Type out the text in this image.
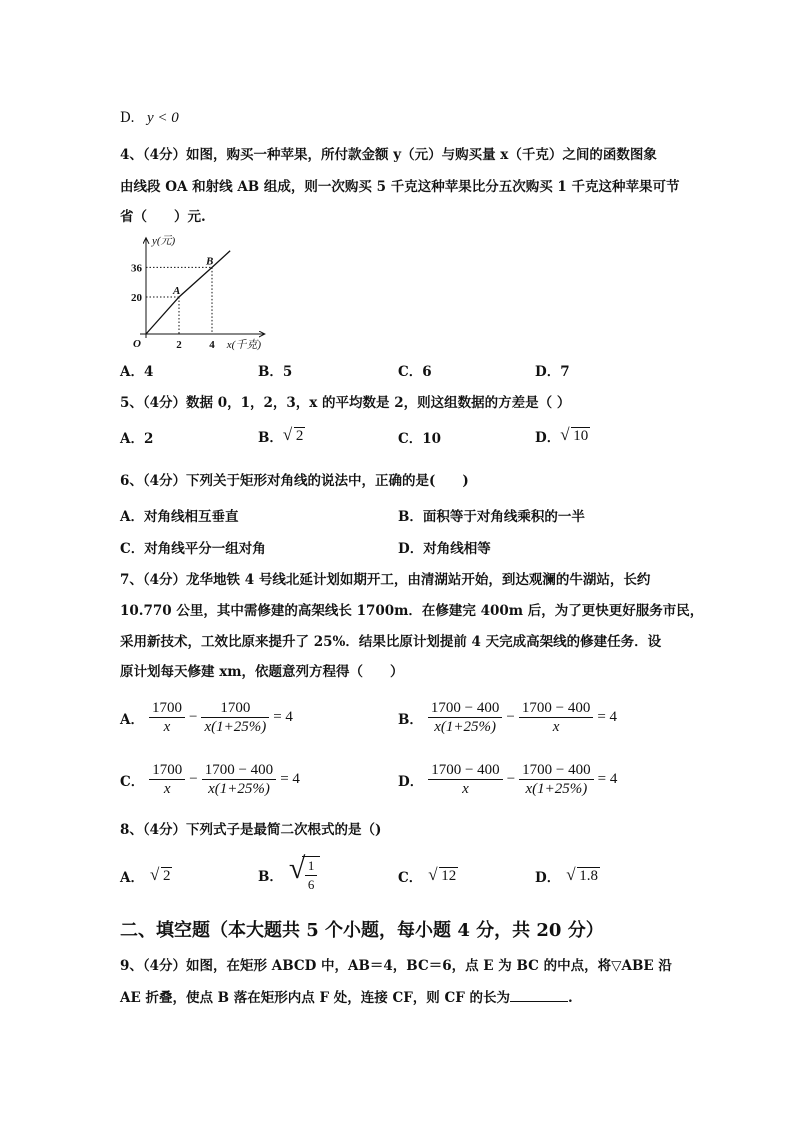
D. y < 0
4、（4分）如图，购买一种苹果，所付款金额 y（元）与购买量 x（千克）之间的函数图象
由线段 OA 和射线 AB 组成，则一次购买 5 千克这种苹果比分五次购买 1 千克这种苹果可节
省（　　）元.
y(元)
x(千克)
O	2
20
A
4
36
B
A．4	B．5	C．6	D．7
5、（4分）数据 0，1，2，3，x 的平均数是 2，则这组数据的方差是（ ）
A．2	B． √ 2	C．10	D． √ 10
6、（4分）下列关于矩形对角线的说法中，正确的是(　　)
A．对角线相互垂直	B．面积等于对角线乘积的一半
C．对角线平分一组对角	D．对角线相等
7、（4分）龙华地铁 4 号线北延计划如期开工，由清湖站开始，到达观澜的牛湖站，长约
10.770 公里，其中需修建的高架线长 1700m．在修建完 400m 后，为了更快更好服务市民，
采用新技术，工效比原来提升了 25%．结果比原计划提前 4 天完成高架线的修建任务．设
原计划每天修建 xm，依题意列方程得（　　）
A． $\frac{1700}{x} - \frac{1700}{x(1+25\%)} = 4$	B． $\frac{1700 - 400}{x(1+25\%)} - \frac{1700 - 400}{x} = 4$
C． $\frac{1700}{x} - \frac{1700 - 400}{x(1+25\%)} = 4$	D． $\frac{1700 - 400}{x} - \frac{1700 - 400}{x(1+25\%)} = 4$
8、（4分）下列式子是最简二次根式的是（)
A． √ 2	B． √ $\frac{1}{6}$	C． √ 12	D． √ 1.8
二、填空题（本大题共 5 个小题，每小题 4 分，共 20 分）
9、（4分）如图，在矩形 ABCD 中，AB＝4，BC＝6，点 E 为 BC 的中点，将▽ABE 沿
AE 折叠，使点 B 落在矩形内点 F 处，连接 CF，则 CF 的长为	.
